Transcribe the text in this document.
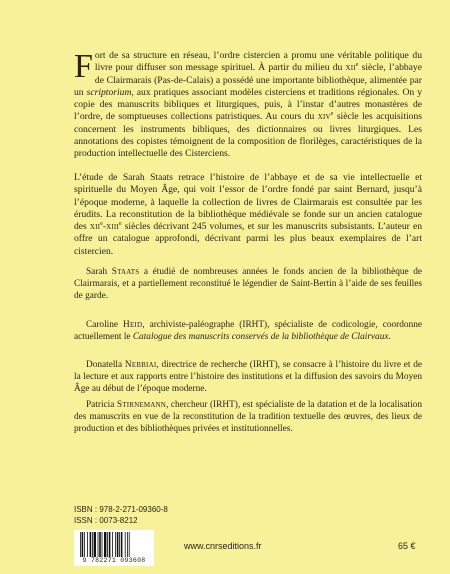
Fort de sa structure en réseau, l’ordre cistercien a promu une véritable politique du livre pour diffuser son message spirituel. À partir du milieu du xii$^e$ siècle, l’abbaye de Clairmarais (Pas-de-Calais) a possédé une importante bibliothèque, alimentée par un scriptorium, aux pratiques associant modèles cisterciens et traditions régionales. On y copie des manuscrits bibliques et liturgiques, puis, à l’instar d’autres monastères de l’ordre, de somptueuses collections patristiques. Au cours du xiv$^e$ siècle les acquisitions concernent les instruments bibliques, des dictionnaires ou livres liturgiques. Les annotations des copistes témoignent de la composition de florilèges, caractéristiques de la production intellectuelle des Cisterciens.

L’étude de Sarah Staats retrace l’histoire de l’abbaye et de sa vie intellectuelle et spirituelle du Moyen Âge, qui voit l’essor de l’ordre fondé par saint Bernard, jusqu’à l’époque moderne, à laquelle la collection de livres de Clairmarais est consultée par les érudits. La reconstitution de la bibliothèque médiévale se fonde sur un ancien catalogue des xii$^e$-xiii$^e$ siècles décrivant 245 volumes, et sur les manuscrits subsistants. L’auteur en offre un catalogue approfondi, décrivant parmi les plus beaux exemplaires de l’art cistercien.

Sarah Staats a étudié de nombreuses années le fonds ancien de la bibliothèque de Clairmarais, et a partiellement reconstitué le légendier de Saint-Bertin à l’aide de ses feuilles de garde.

Caroline Heid, archiviste-paléographe (IRHT), spécialiste de codicologie, coordonne actuellement le Catalogue des manuscrits conservés de la bibliothèque de Clairvaux.

Donatella Nebbiai, directrice de recherche (IRHT), se consacre à l’histoire du livre et de la lecture et aux rapports entre l’histoire des institutions et la diffusion des savoirs du Moyen Âge au début de l’époque moderne.

Patricia Stirnemann, chercheur (IRHT), est spécialiste de la datation et de la localisation des manuscrits en vue de la reconstitution de la tradition textuelle des œuvres, des lieux de production et des bibliothèques privées et institutionnelles.

ISBN : 978-2-271-09360-8
ISSN : 0073-8212
9 782271 093608
www.cnrseditions.fr	65 €
